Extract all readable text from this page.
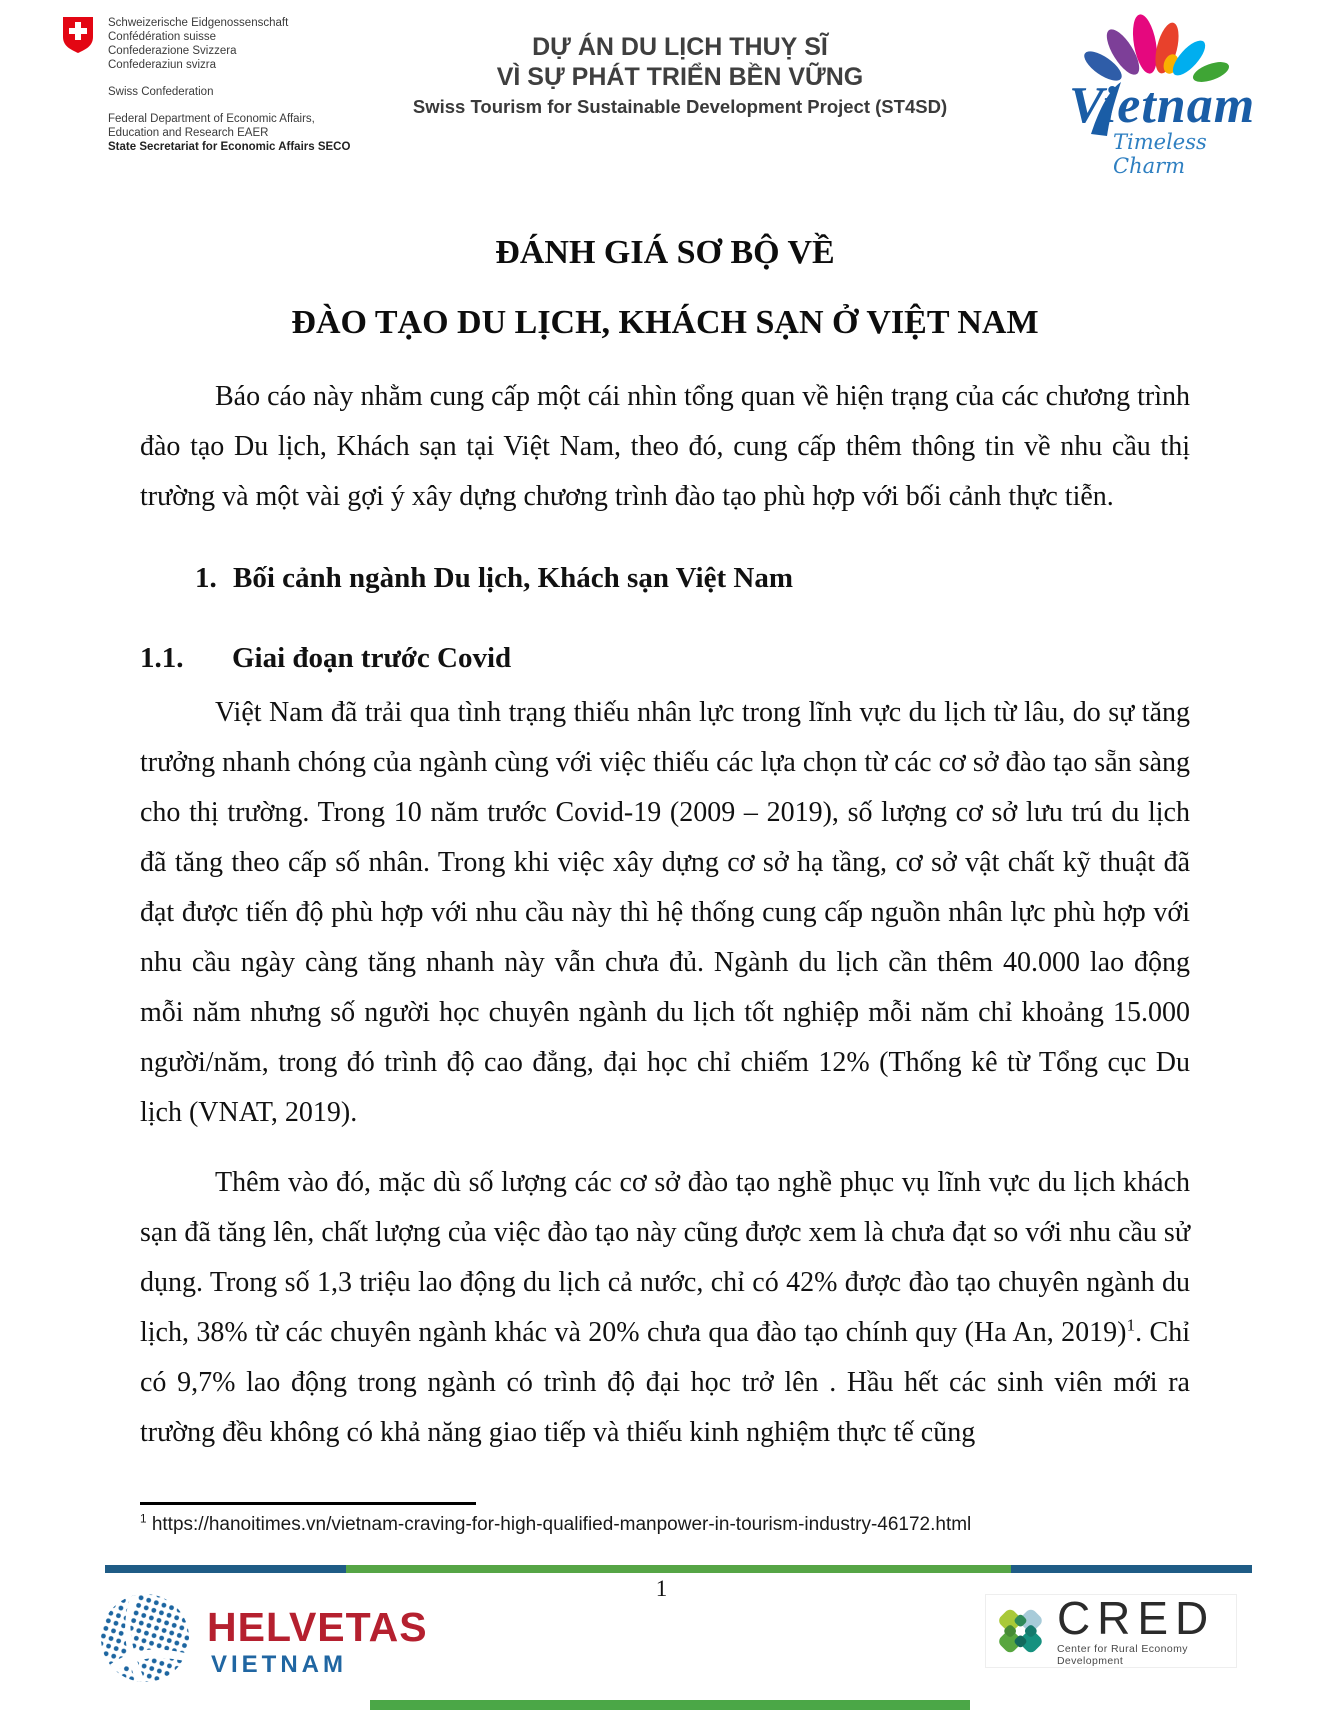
Schweizerische Eidgenossenschaft
Confédération suisse
Confederazione Svizzera
Confederaziun svizra
Swiss Confederation
Federal Department of Economic Affairs,
Education and Research EAER
State Secretariat for Economic Affairs SECO
DỰ ÁN DU LỊCH THUỴ SĨ
VÌ SỰ PHÁT TRIỂN BỀN VỮNG
Swiss Tourism for Sustainable Development Project (ST4SD) Vietnam
Timeless Charm
ĐÁNH GIÁ SƠ BỘ VỀ
ĐÀO TẠO DU LỊCH, KHÁCH SẠN Ở VIỆT NAM

Báo cáo này nhằm cung cấp một cái nhìn tổng quan về hiện trạng của các chương trình đào tạo Du lịch, Khách sạn tại Việt Nam, theo đó, cung cấp thêm thông tin về nhu cầu thị trường và một vài gợi ý xây dựng chương trình đào tạo phù hợp với bối cảnh thực tiễn.

1. Bối cảnh ngành Du lịch, Khách sạn Việt Nam
1.1. Giai đoạn trước Covid

Việt Nam đã trải qua tình trạng thiếu nhân lực trong lĩnh vực du lịch từ lâu, do sự tăng trưởng nhanh chóng của ngành cùng với việc thiếu các lựa chọn từ các cơ sở đào tạo sẵn sàng cho thị trường. Trong 10 năm trước Covid-19 (2009 – 2019), số lượng cơ sở lưu trú du lịch đã tăng theo cấp số nhân. Trong khi việc xây dựng cơ sở hạ tầng, cơ sở vật chất kỹ thuật đã đạt được tiến độ phù hợp với nhu cầu này thì hệ thống cung cấp nguồn nhân lực phù hợp với nhu cầu ngày càng tăng nhanh này vẫn chưa đủ. Ngành du lịch cần thêm 40.000 lao động mỗi năm nhưng số người học chuyên ngành du lịch tốt nghiệp mỗi năm chỉ khoảng 15.000 người/năm, trong đó trình độ cao đẳng, đại học chỉ chiếm 12% (Thống kê từ Tổng cục Du lịch (VNAT, 2019).

Thêm vào đó, mặc dù số lượng các cơ sở đào tạo nghề phục vụ lĩnh vực du lịch khách sạn đã tăng lên, chất lượng của việc đào tạo này cũng được xem là chưa đạt so với nhu cầu sử dụng. Trong số 1,3 triệu lao động du lịch cả nước, chỉ có 42% được đào tạo chuyên ngành du lịch, 38% từ các chuyên ngành khác và 20% chưa qua đào tạo chính quy (Ha An, 2019)$^1$. Chỉ có 9,7% lao động trong ngành có trình độ đại học trở lên . Hầu hết các sinh viên mới ra trường đều không có khả năng giao tiếp và thiếu kinh nghiệm thực tế cũng

$^1$ https://hanoitimes.vn/vietnam-craving-for-high-qualified-manpower-in-tourism-industry-46172.html
1
HELVETAS
VIETNAM
CRED
Center for Rural Economy Development
